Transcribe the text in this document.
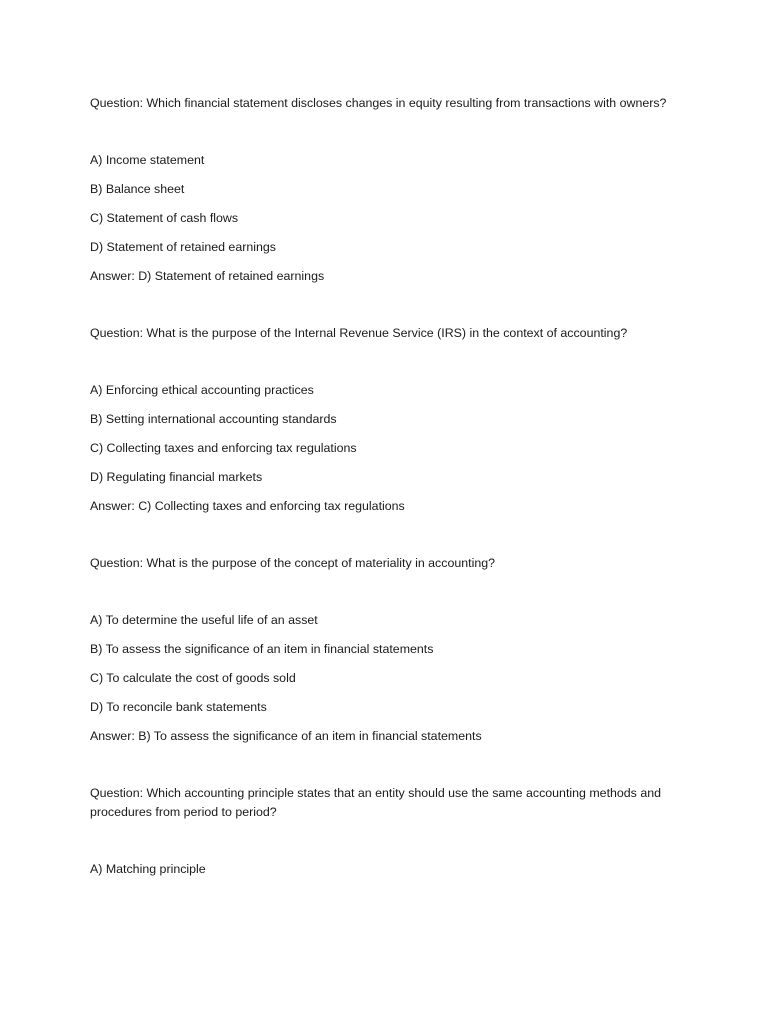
Question: Which financial statement discloses changes in equity resulting from transactions with owners?
A) Income statement
B) Balance sheet
C) Statement of cash flows
D) Statement of retained earnings
Answer: D) Statement of retained earnings
Question: What is the purpose of the Internal Revenue Service (IRS) in the context of accounting?
A) Enforcing ethical accounting practices
B) Setting international accounting standards
C) Collecting taxes and enforcing tax regulations
D) Regulating financial markets
Answer: C) Collecting taxes and enforcing tax regulations
Question: What is the purpose of the concept of materiality in accounting?
A) To determine the useful life of an asset
B) To assess the significance of an item in financial statements
C) To calculate the cost of goods sold
D) To reconcile bank statements
Answer: B) To assess the significance of an item in financial statements
Question: Which accounting principle states that an entity should use the same accounting methods and procedures from period to period?
A) Matching principle
